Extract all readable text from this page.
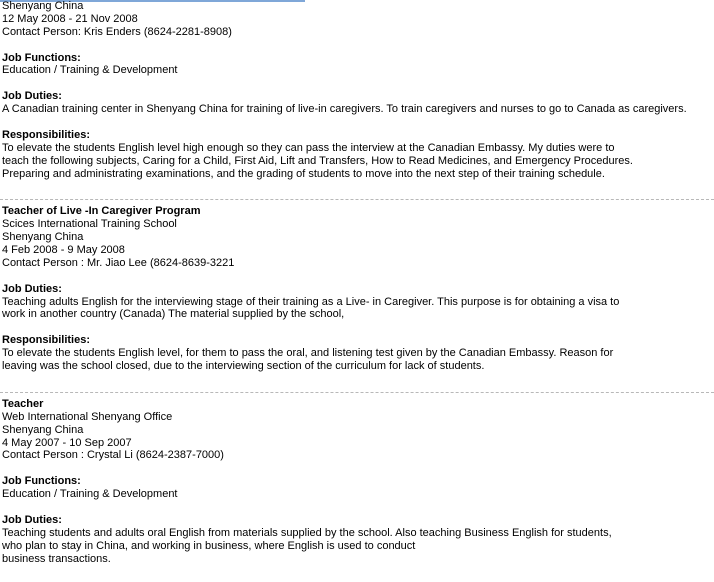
Shenyang China
12 May 2008 - 21 Nov 2008
Contact Person: Kris Enders (8624-2281-8908)
Job Functions:
Education / Training & Development
Job Duties:
A Canadian training center in Shenyang China for training of live-in caregivers. To train caregivers and nurses to go to Canada as caregivers.
Responsibilities:
To elevate the students English level high enough so they can pass the interview at the Canadian Embassy. My duties were to
teach the following subjects, Caring for a Child, First Aid, Lift and Transfers, How to Read Medicines, and Emergency Procedures.
Preparing and administrating examinations, and the grading of students to move into the next step of their training schedule.
Teacher of Live -In Caregiver Program
Scices International Training School
Shenyang China
4 Feb 2008 - 9 May 2008
Contact Person : Mr. Jiao Lee (8624-8639-3221
Job Duties:
Teaching adults English for the interviewing stage of their training as a Live- in Caregiver. This purpose is for obtaining a visa to
work in another country (Canada) The material supplied by the school,
Responsibilities:
To elevate the students English level, for them to pass the oral, and listening test given by the Canadian Embassy. Reason for
leaving was the school closed, due to the interviewing section of the curriculum for lack of students.
Teacher
Web International Shenyang Office
Shenyang China
4 May 2007 - 10 Sep 2007
Contact Person : Crystal Li (8624-2387-7000)
Job Functions:
Education / Training & Development
Job Duties:
Teaching students and adults oral English from materials supplied by the school. Also teaching Business English for students,
who plan to stay in China, and working in business, where English is used to conduct
business transactions.
